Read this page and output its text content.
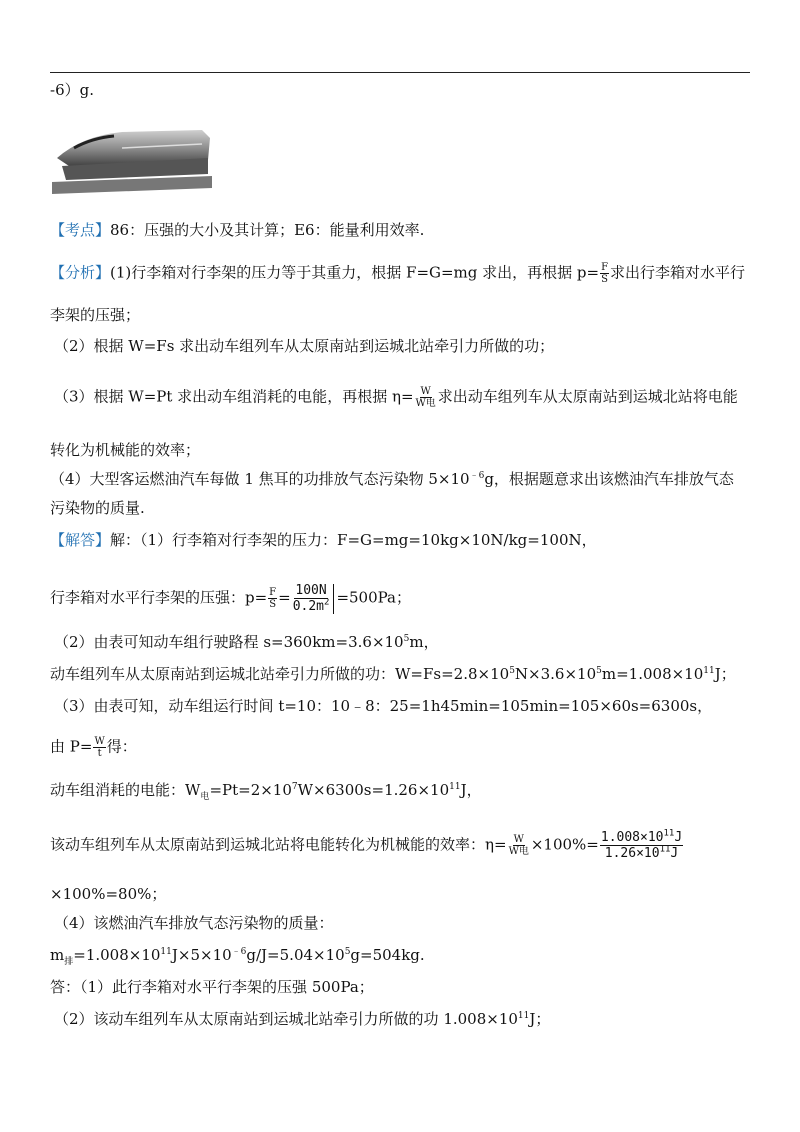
-6）g.
【考点】86：压强的大小及其计算；E6：能量利用效率.
【分析】(1)行李箱对行李架的压力等于其重力，根据 F=G=mg 求出，再根据 $p= \frac{F}{S}$ 求出行李箱对水平行
李架的压强；
（2）根据 W=Fs 求出动车组列车从太原南站到运城北站牵引力所做的功；
（3）根据 W=Pt 求出动车组消耗的电能，再根据 $\eta= \frac{W}{\text{W电}}$ 求出动车组列车从太原南站到运城北站将电能
转化为机械能的效率；
（4）大型客运燃油汽车每做 1 焦耳的功排放气态污染物 $5\times 10^{﹣6}g$，根据题意求出该燃油汽车排放气态
污染物的质量.
【解答】解：（1）行李箱对行李架的压力：F=G=mg=10kg×10N/kg=100N，
行李箱对水平行李架的压强：$p= \frac{F}{S} = \frac{100N}{0.2m^2} =500Pa$；
（2）由表可知动车组行驶路程 $s=360km=3.6\times 10^5m$，
动车组列车从太原南站到运城北站牵引力所做的功：$W=Fs=2.8\times 10^5N\times 3.6\times 10^5m=1.008\times 10^{11}J$；
（3）由表可知，动车组运行时间 t=10：10﹣8：25=1h45min=105min=105×60s=6300s，
由 $P= \frac{W}{t}$ 得：
动车组消耗的电能：$W_电=Pt=2\times 10^7W\times 6300s=1.26\times 10^{11}J$，
该动车组列车从太原南站到运城北站将电能转化为机械能的效率：$\eta= \frac{W}{\text{W电}} \times 100\%= \frac{1.008\times 10^{11}J}{1.26\times 10^{11}J}$
×100%=80%；
（4）该燃油汽车排放气态污染物的质量：
$m_排=1.008\times 10^{11}J\times 5\times 10^{﹣6}g/J=5.04\times 10^5g=504kg$.
答：（1）此行李箱对水平行李架的压强 500Pa；
（2）该动车组列车从太原南站到运城北站牵引力所做的功 $1.008\times 10^{11}J$；
